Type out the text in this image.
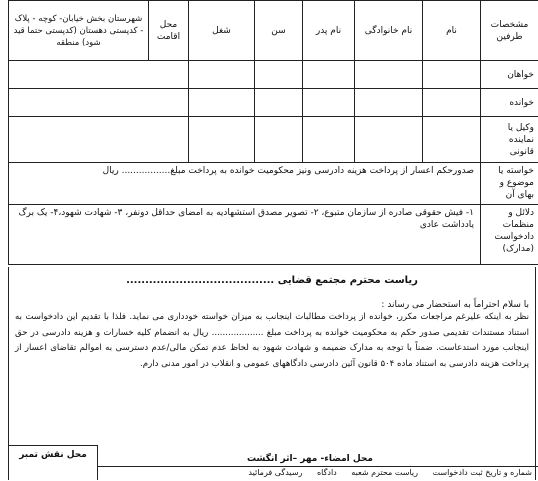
مشخصات طرفین	نام	نام خانوادگی	نام پدر	سن	شغل	محل اقامت	شهرستان بخش خیابان- کوچه - پلاک - کدپستی دهستان (کدپستی حتما قید شود) منطقه
خواهان							
خوانده							
وکیل یا نماینده قانونی							
خواسته یا موضوع و بهای آن	صدورحکم اعسار از پرداخت هزینه دادرسی ونیز محکومیت خوانده به پرداخت مبلغ................. ریال						
دلائل و منظمات دادخواست (مدارک)	۱- فیش حقوقی صادره از سازمان متبوع، ۲- تصویر مصدق استشهادیه به امضای حداقل دونفر، ۳- شهادت شهود،۴- یک برگ یادداشت عادی						
ریاست محترم مجتمع قضایی .......................................
با سلام احتراماً به استحضار می رساند :
نظر به اینکه علیرغم مراجعات مکرر، خوانده از پرداخت مطالبات اینجانب به میزان خواسته خودداری می نماید. فلذا با تقدیم این دادخواست به استناد مستندات تقدیمی صدور حکم به محکومیت خوانده به پرداخت مبلغ ................... ریال به انضمام کلیه خسارات و هزینه دادرسی در حق اینجانب مورد استدعاست. ضمناً با توجه به مدارک ضمیمه و شهادت شهود به لحاظ عدم تمکن مالی/عدم دسترسی به اموالم تقاضای اعسار از پرداخت هزینه دادرسی به استناد ماده ۵۰۴ قانون آئین دادرسی دادگاههای عمومی و انقلاب در امور مدنی دارم.
محل نقش تمبر	محل امضاء- مهر –اثر انگشت
شماره و تاریخ ثبت دادخواست ریاست محترم شعبه دادگاه رسیدگی فرمائید
